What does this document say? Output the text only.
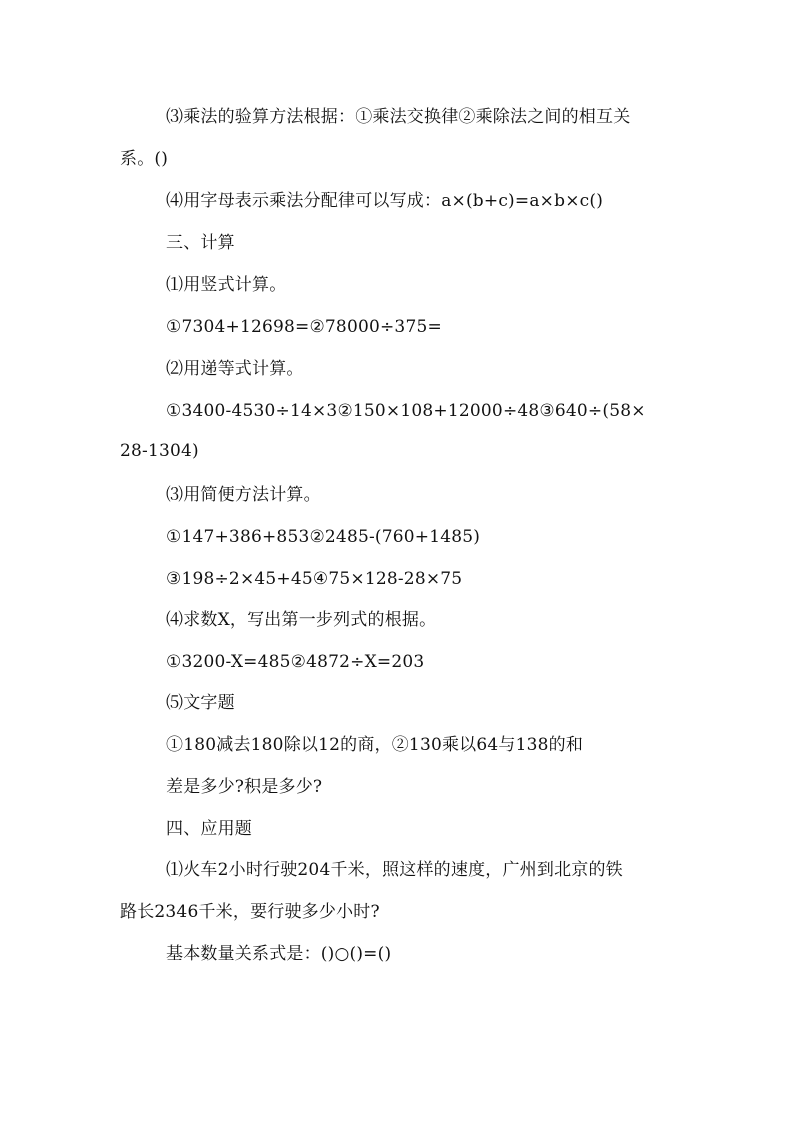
⑶乘法的验算方法根据：①乘法交换律②乘除法之间的相互关
系。()
⑷用字母表示乘法分配律可以写成：a×(b+c)=a×b×c()
三、计算
⑴用竖式计算。
①7304+12698=②78000÷375=
⑵用递等式计算。
①3400-4530÷14×3②150×108+12000÷48③640÷(58×
28-1304)
⑶用简便方法计算。
①147+386+853②2485-(760+1485)
③198÷2×45+45④75×128-28×75
⑷求数X，写出第一步列式的根据。
①3200-X=485②4872÷X=203
⑸文字题
①180减去180除以12的商，②130乘以64与138的和
差是多少?积是多少?
四、应用题
⑴火车2小时行驶204千米，照这样的速度，广州到北京的铁
路长2346千米，要行驶多少小时?
基本数量关系式是：()○()=()
